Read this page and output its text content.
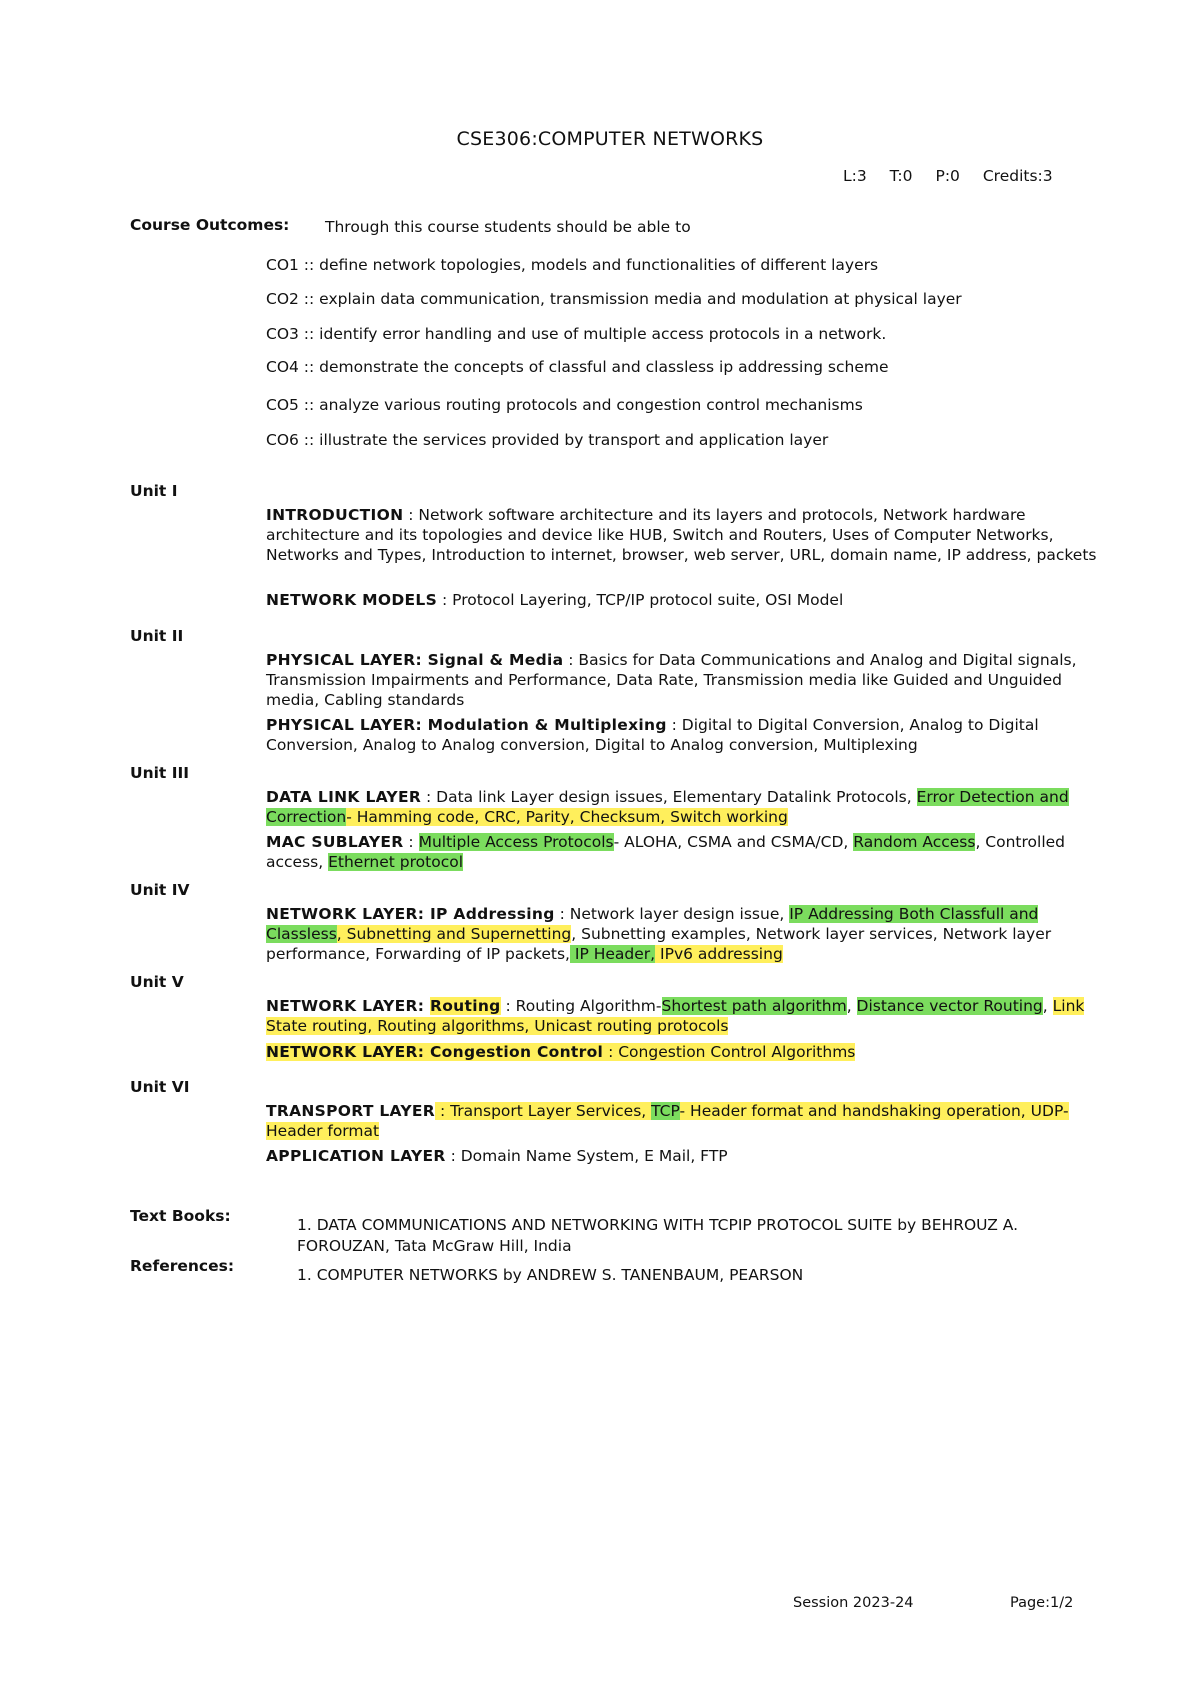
CSE306:COMPUTER NETWORKS
L:3 T:0 P:0 Credits:3
Course Outcomes: Through this course students should be able to
CO1 :: define network topologies, models and functionalities of different layers
CO2 :: explain data communication, transmission media and modulation at physical layer
CO3 :: identify error handling and use of multiple access protocols in a network.
CO4 :: demonstrate the concepts of classful and classless ip addressing scheme
CO5 :: analyze various routing protocols and congestion control mechanisms
CO6 :: illustrate the services provided by transport and application layer
Unit I
INTRODUCTION : Network software architecture and its layers and protocols, Network hardware architecture and its topologies and device like HUB, Switch and Routers, Uses of Computer Networks, Networks and Types, Introduction to internet, browser, web server, URL, domain name, IP address, packets
NETWORK MODELS : Protocol Layering, TCP/IP protocol suite, OSI Model
Unit II
PHYSICAL LAYER: Signal & Media : Basics for Data Communications and Analog and Digital signals, Transmission Impairments and Performance, Data Rate, Transmission media like Guided and Unguided media, Cabling standards
PHYSICAL LAYER: Modulation & Multiplexing : Digital to Digital Conversion, Analog to Digital Conversion, Analog to Analog conversion, Digital to Analog conversion, Multiplexing
Unit III
DATA LINK LAYER : Data link Layer design issues, Elementary Datalink Protocols, Error Detection and Correction- Hamming code, CRC, Parity, Checksum, Switch working
MAC SUBLAYER : Multiple Access Protocols- ALOHA, CSMA and CSMA/CD, Random Access, Controlled access, Ethernet protocol
Unit IV
NETWORK LAYER: IP Addressing : Network layer design issue, IP Addressing Both Classfull and Classless, Subnetting and Supernetting, Subnetting examples, Network layer services, Network layer performance, Forwarding of IP packets, IP Header, IPv6 addressing
Unit V
NETWORK LAYER: Routing : Routing Algorithm-Shortest path algorithm, Distance vector Routing, Link State routing, Routing algorithms, Unicast routing protocols
NETWORK LAYER: Congestion Control : Congestion Control Algorithms
Unit VI
TRANSPORT LAYER : Transport Layer Services, TCP- Header format and handshaking operation, UDP- Header format
APPLICATION LAYER : Domain Name System, E Mail, FTP
Text Books:	1. DATA COMMUNICATIONS AND NETWORKING WITH TCPIP PROTOCOL SUITE by BEHROUZ A. FOROUZAN, Tata McGraw Hill, India
References:	1. COMPUTER NETWORKS by ANDREW S. TANENBAUM, PEARSON
Session 2023-24	Page:1/2
